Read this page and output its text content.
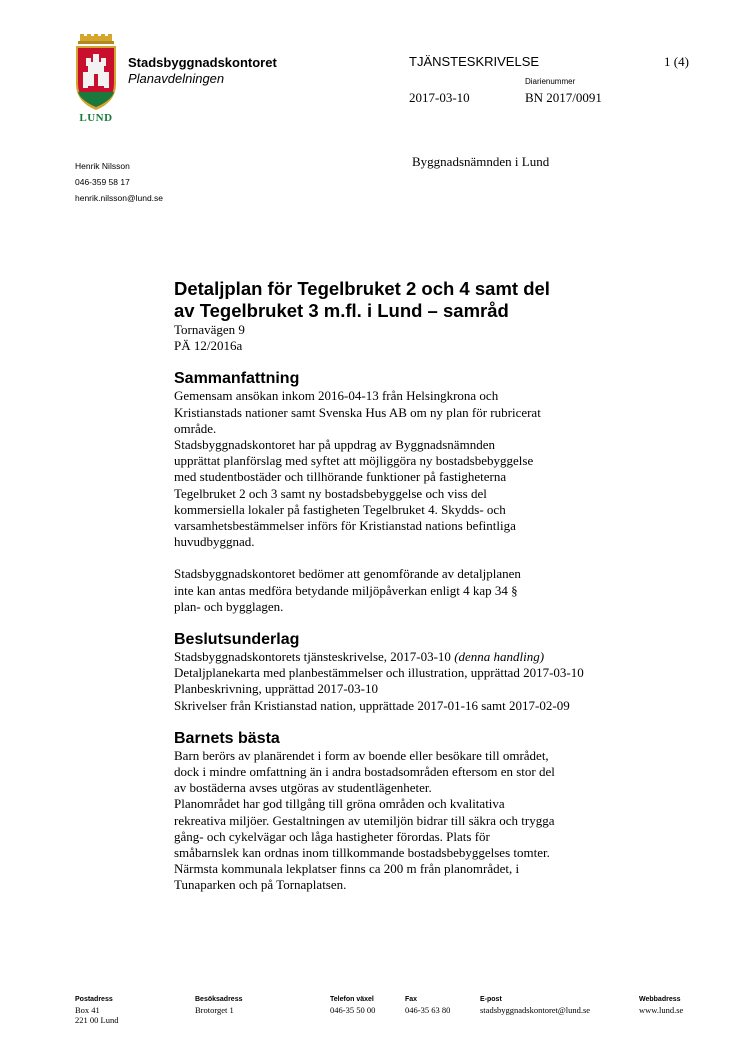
LUND
Stadsbyggnadskontoret
Planavdelningen
TJÄNSTESKRIVELSE	1 (4)
Diarienummer
2017-03-10	BN 2017/0091
Henrik Nilsson
046-359 58 17
henrik.nilsson@lund.se
Byggnadsnämnden i Lund
Detaljplan för Tegelbruket 2 och 4 samt del
av Tegelbruket 3 m.fl. i Lund – samråd

Tornavägen 9

PÄ 12/2016a

Sammanfattning

Gemensam ansökan inkom 2016-04-13 från Helsingkrona och

Kristianstads nationer samt Svenska Hus AB om ny plan för rubricerat

område.

Stadsbyggnadskontoret har på uppdrag av Byggnadsnämnden

upprättat planförslag med syftet att möjliggöra ny bostadsbebyggelse

med studentbostäder och tillhörande funktioner på fastigheterna

Tegelbruket 2 och 3 samt ny bostadsbebyggelse och viss del

kommersiella lokaler på fastigheten Tegelbruket 4. Skydds- och

varsamhetsbestämmelser införs för Kristianstad nations befintliga

huvudbyggnad.

Stadsbyggnadskontoret bedömer att genomförande av detaljplanen

inte kan antas medföra betydande miljöpåverkan enligt 4 kap 34 §

plan- och bygglagen.

Beslutsunderlag

Stadsbyggnadskontorets tjänsteskrivelse, 2017-03-10 (denna handling)

Detaljplanekarta med planbestämmelser och illustration, upprättad 2017-03-10

Planbeskrivning, upprättad 2017-03-10

Skrivelser från Kristianstad nation, upprättade 2017-01-16 samt 2017-02-09

Barnets bästa

Barn berörs av planärendet i form av boende eller besökare till området,

dock i mindre omfattning än i andra bostadsområden eftersom en stor del

av bostäderna avses utgöras av studentlägenheter.

Planområdet har god tillgång till gröna områden och kvalitativa

rekreativa miljöer. Gestaltningen av utemiljön bidrar till säkra och trygga

gång- och cykelvägar och låga hastigheter förordas. Plats för

småbarnslek kan ordnas inom tillkommande bostadsbebyggelses tomter.

Närmsta kommunala lekplatser finns ca 200 m från planområdet, i

Tunaparken och på Tornaplatsen.

Postadress
Box 41
221 00 Lund
Besöksadress
Brotorget 1
Telefon växel
046-35 50 00
Fax
046-35 63 80
E-post
stadsbyggnadskontoret@lund.se
Webbadress
www.lund.se
